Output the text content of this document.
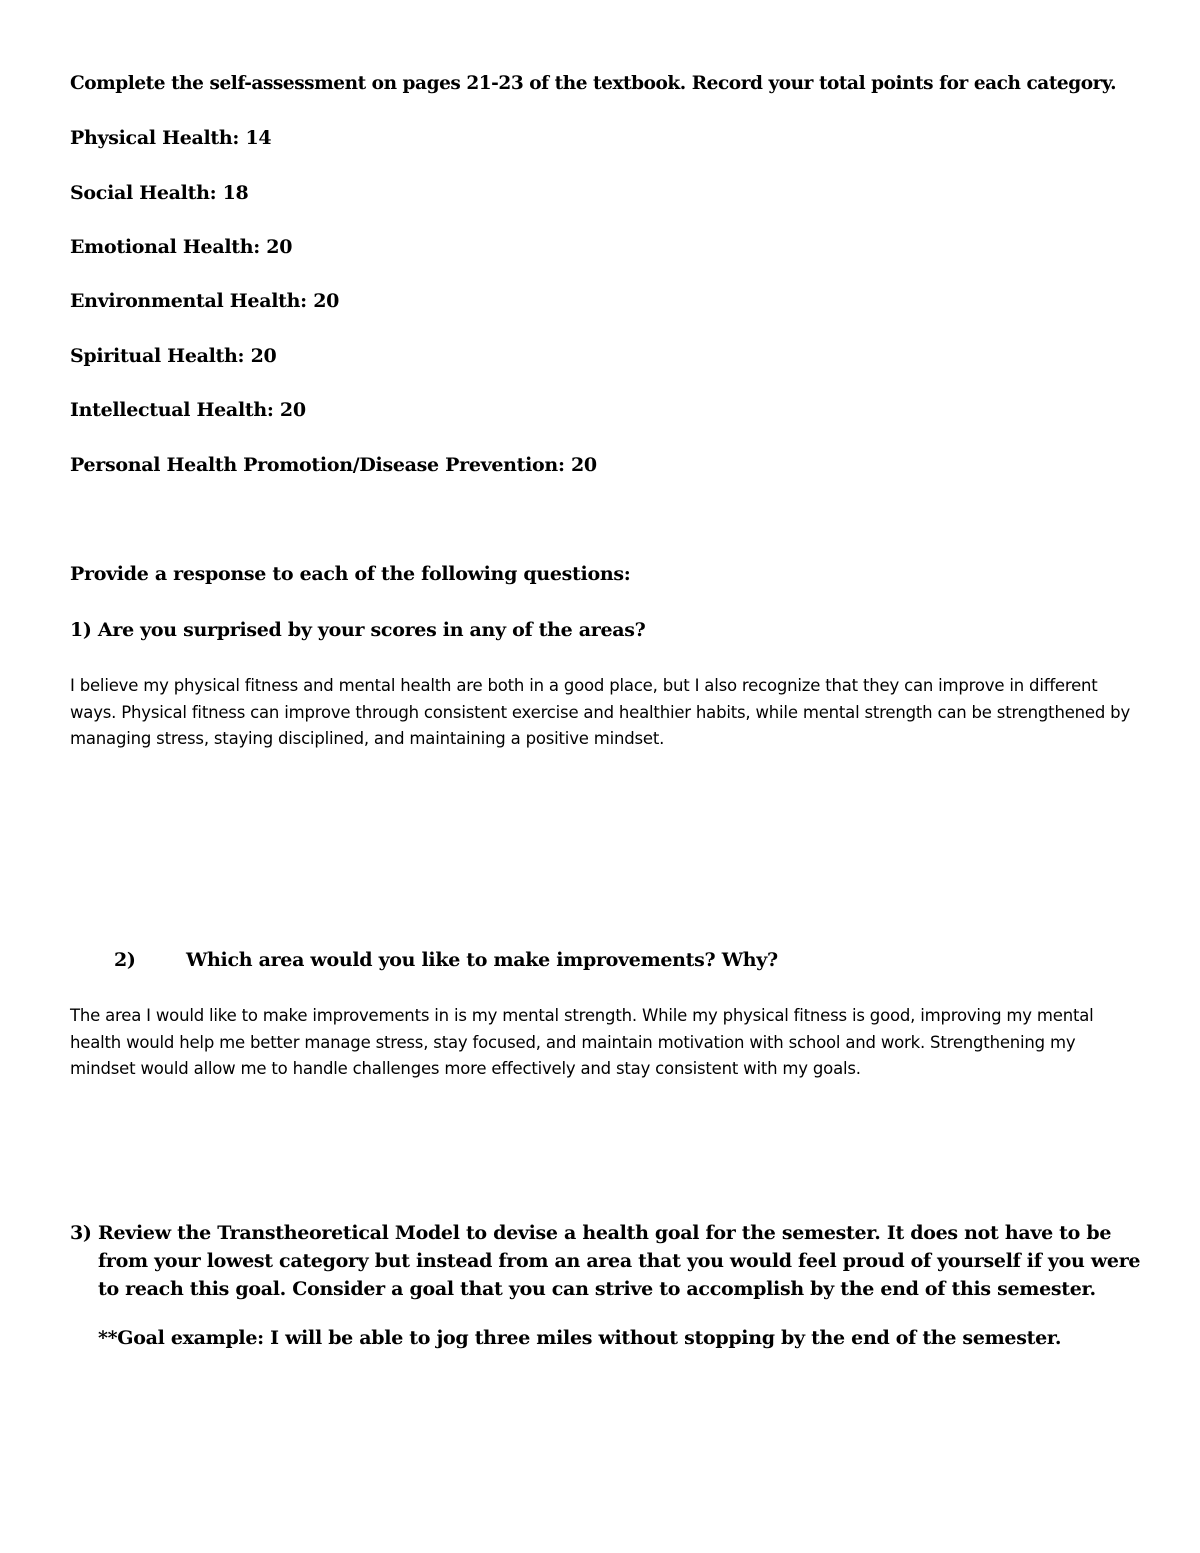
Complete the self-assessment on pages 21-23 of the textbook. Record your total points for each category.
Physical Health: 14
Social Health: 18
Emotional Health: 20
Environmental Health: 20
Spiritual Health: 20
Intellectual Health: 20
Personal Health Promotion/Disease Prevention: 20
Provide a response to each of the following questions:
1) Are you surprised by your scores in any of the areas?
I believe my physical fitness and mental health are both in a good place, but I also recognize that they can improve in different ways. Physical fitness can improve through consistent exercise and healthier habits, while mental strength can be strengthened by managing stress, staying disciplined, and maintaining a positive mindset.
2)	Which area would you like to make improvements? Why?
The area I would like to make improvements in is my mental strength. While my physical fitness is good, improving my mental health would help me better manage stress, stay focused, and maintain motivation with school and work. Strengthening my mindset would allow me to handle challenges more effectively and stay consistent with my goals.
3) Review the Transtheoretical Model to devise a health goal for the semester. It does not have to be from your lowest category but instead from an area that you would feel proud of yourself if you were to reach this goal. Consider a goal that you can strive to accomplish by the end of this semester.
**Goal example: I will be able to jog three miles without stopping by the end of the semester.
